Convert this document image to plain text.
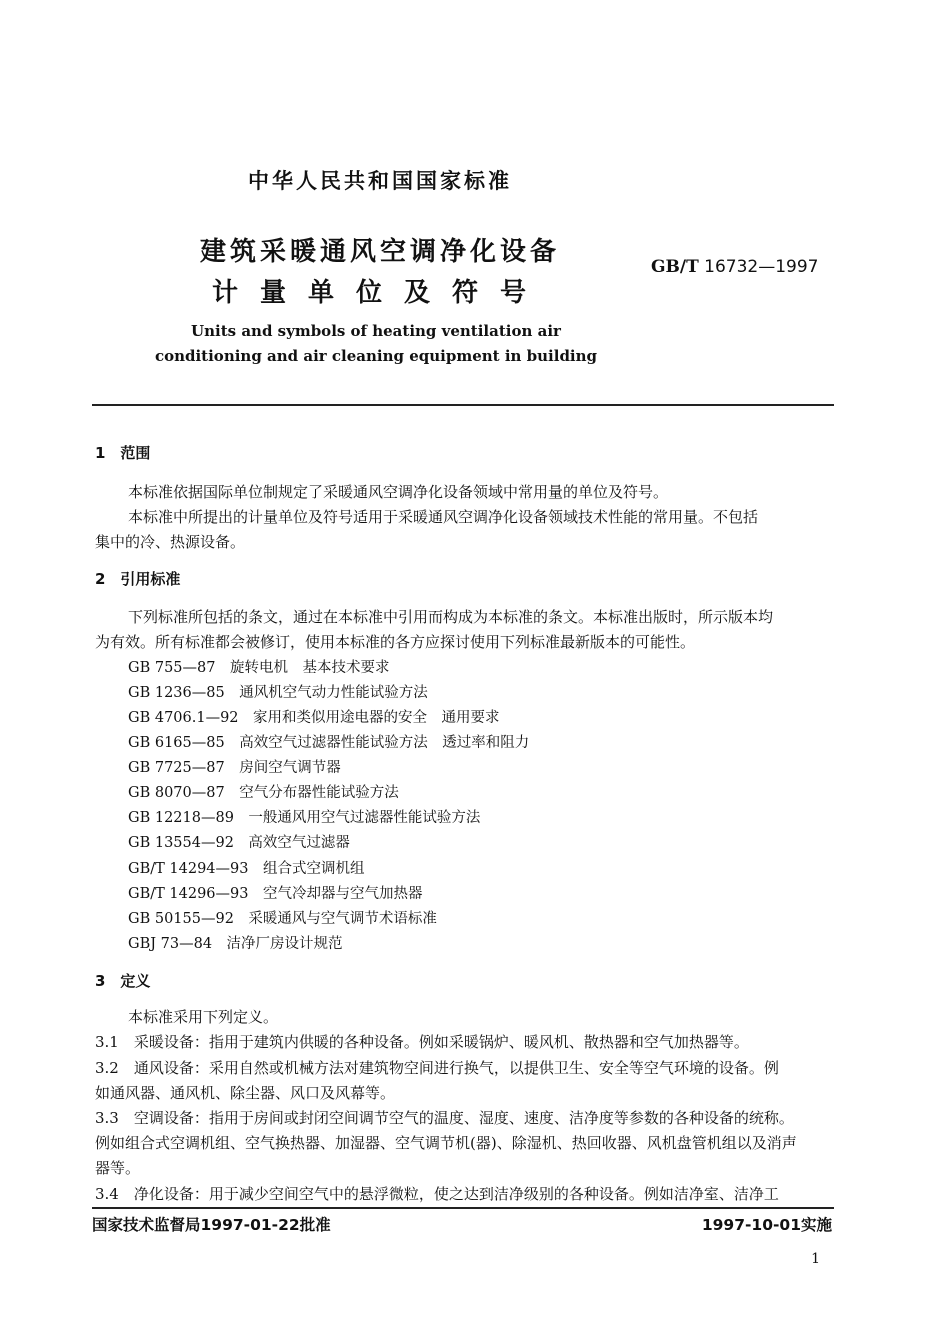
中华人民共和国国家标准
建筑采暖通风空调净化设备
计量单位及符号
GB/T 16732—1997
Units and symbols of heating ventilation air
conditioning and air cleaning equipment in building
1　范围
本标准依据国际单位制规定了采暖通风空调净化设备领域中常用量的单位及符号。
本标准中所提出的计量单位及符号适用于采暖通风空调净化设备领域技术性能的常用量。不包括
集中的冷、热源设备。
2　引用标准
下列标准所包括的条文，通过在本标准中引用而构成为本标准的条文。本标准出版时，所示版本均
为有效。所有标准都会被修订，使用本标准的各方应探讨使用下列标准最新版本的可能性。
GB 755—87　旋转电机　基本技术要求
GB 1236—85　通风机空气动力性能试验方法
GB 4706.1—92　家用和类似用途电器的安全　通用要求
GB 6165—85　高效空气过滤器性能试验方法　透过率和阻力
GB 7725—87　房间空气调节器
GB 8070—87　空气分布器性能试验方法
GB 12218—89　一般通风用空气过滤器性能试验方法
GB 13554—92　高效空气过滤器
GB/T 14294—93　组合式空调机组
GB/T 14296—93　空气冷却器与空气加热器
GB 50155—92　采暖通风与空气调节术语标准
GBJ 73—84　洁净厂房设计规范
3　定义
本标准采用下列定义。
3.1　采暖设备：指用于建筑内供暖的各种设备。例如采暖锅炉、暖风机、散热器和空气加热器等。
3.2　通风设备：采用自然或机械方法对建筑物空间进行换气，以提供卫生、安全等空气环境的设备。例
如通风器、通风机、除尘器、风口及风幕等。
3.3　空调设备：指用于房间或封闭空间调节空气的温度、湿度、速度、洁净度等参数的各种设备的统称。
例如组合式空调机组、空气换热器、加湿器、空气调节机(器)、除湿机、热回收器、风机盘管机组以及消声
器等。
3.4　净化设备：用于减少空间空气中的悬浮微粒，使之达到洁净级别的各种设备。例如洁净室、洁净工
国家技术监督局1997-01-22批准	1997-10-01实施
1
